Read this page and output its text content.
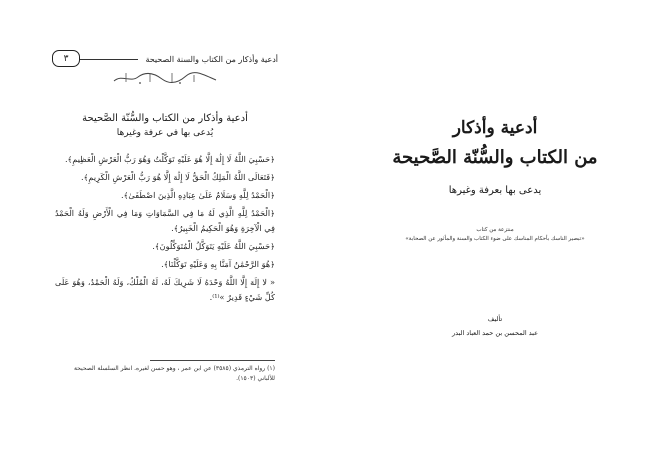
أدعية وأذكار من الكتاب والسنة الصحيحة
٣
أدعية وأذكار من الكتاب والسُّنّة الصَّحيحة
يُدعى بها في عرفة وغيرها

﴿حَسْبِيَ اللَّهُ لَا إِلَٰهَ إِلَّا هُوَ عَلَيْهِ تَوَكَّلْتُ وَهُوَ رَبُّ الْعَرْشِ الْعَظِيمِ﴾.

﴿فَتَعَالَى اللَّهُ الْمَلِكُ الْحَقُّ لَا إِلَٰهَ إِلَّا هُوَ رَبُّ الْعَرْشِ الْكَرِيمِ﴾.

﴿الْحَمْدُ لِلَّهِ وَسَلَامٌ عَلَىٰ عِبَادِهِ الَّذِينَ اصْطَفَىٰ﴾.

﴿الْحَمْدُ لِلَّهِ الَّذِي لَهُ مَا فِي السَّمَاوَاتِ وَمَا فِي الْأَرْضِ وَلَهُ الْحَمْدُ فِي الْآخِرَةِ وَهُوَ الْحَكِيمُ الْخَبِيرُ﴾.

﴿حَسْبِيَ اللَّهُ عَلَيْهِ يَتَوَكَّلُ الْمُتَوَكِّلُونَ﴾.

﴿هُوَ الرَّحْمَٰنُ آمَنَّا بِهِ وَعَلَيْهِ تَوَكَّلْنَا﴾.

« لا إِلَهَ إِلَّا اللَّهُ وَحْدَهُ لَا شَرِيكَ لَهُ، لَهُ الْمُلْكُ، وَلَهُ الْحَمْدُ، وَهُوَ عَلَى كُلِّ شَيْءٍ قَدِيرٌ »⁽¹⁾.

(١) رواه الترمذي (٣٥٨٥) عن ابن عمر ، وهو حسن لغيره. انظر السلسلة الصحيحة للألباني (١٥٠٣).
أدعية وأذكار
من الكتاب والسُّنّة الصَّحيحة
يدعى بها بعرفة وغيرها
منتزعة من كتاب
«تبصير الناسك بأحكام المناسك على ضوء الكتاب والسنة والمأثور عن الصحابة»
تأليف
عبد المحسن بن حمد العباد البدر
